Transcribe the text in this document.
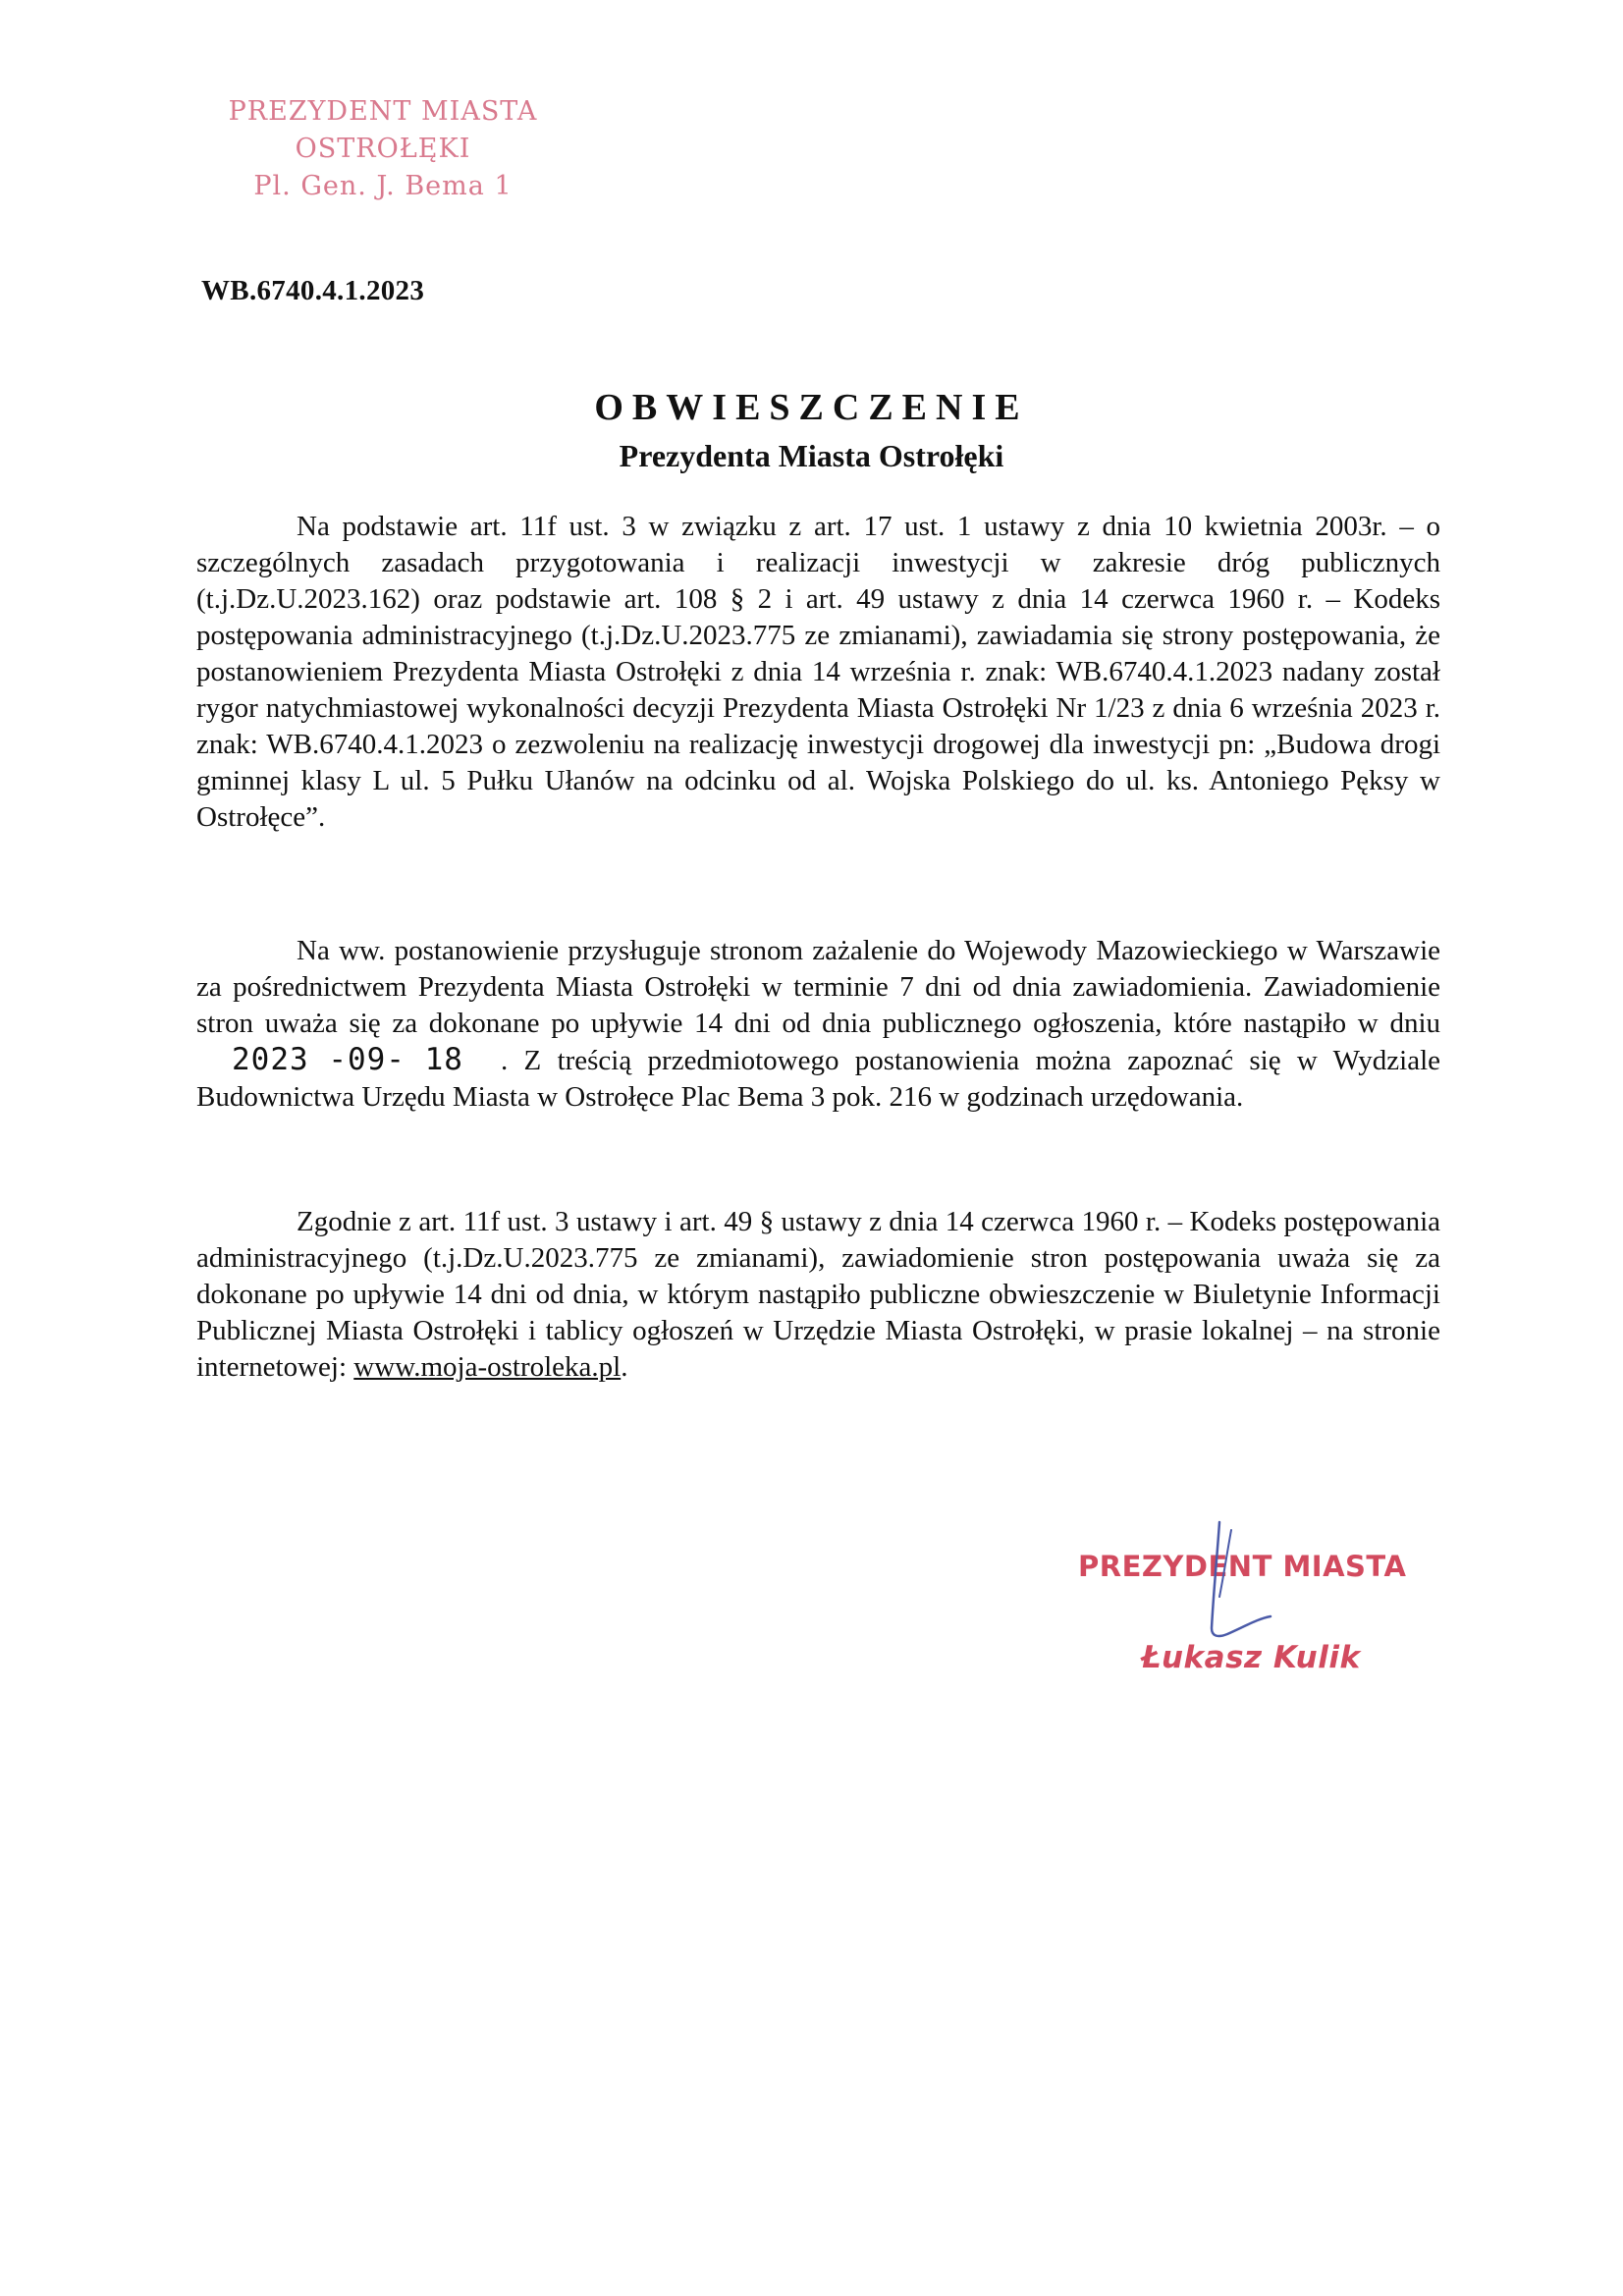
PREZYDENT MIASTA
OSTROŁĘKI
Pl. Gen. J. Bema 1
WB.6740.4.1.2023
OBWIESZCZENIE
Prezydenta Miasta Ostrołęki

Na podstawie art. 11f ust. 3 w związku z art. 17 ust. 1 ustawy z dnia 10 kwietnia 2003r. – o szczególnych zasadach przygotowania i realizacji inwestycji w zakresie dróg publicznych (t.j.Dz.U.2023.162) oraz podstawie art. 108 § 2 i art. 49 ustawy z dnia 14 czerwca 1960 r. – Kodeks postępowania administracyjnego (t.j.Dz.U.2023.775 ze zmianami), zawiadamia się strony postępowania, że postanowieniem Prezydenta Miasta Ostrołęki z dnia 14 września r. znak: WB.6740.4.1.2023 nadany został rygor natychmiastowej wykonalności decyzji Prezydenta Miasta Ostrołęki Nr 1/23 z dnia 6 września 2023 r. znak: WB.6740.4.1.2023 o zezwoleniu na realizację inwestycji drogowej dla inwestycji pn: „Budowa drogi gminnej klasy L ul. 5 Pułku Ułanów na odcinku od al. Wojska Polskiego do ul. ks. Antoniego Pęksy w Ostrołęce”.

Na ww. postanowienie przysługuje stronom zażalenie do Wojewody Mazowieckiego w Warszawie za pośrednictwem Prezydenta Miasta Ostrołęki w terminie 7 dni od dnia zawiadomienia. Zawiadomienie stron uważa się za dokonane po upływie 14 dni od dnia publicznego ogłoszenia, które nastąpiło w dniu 2023 -09- 18 . Z treścią przedmiotowego postanowienia można zapoznać się w Wydziale Budownictwa Urzędu Miasta w Ostrołęce Plac Bema 3 pok. 216 w godzinach urzędowania.

Zgodnie z art. 11f ust. 3 ustawy i art. 49 § ustawy z dnia 14 czerwca 1960 r. – Kodeks postępowania administracyjnego (t.j.Dz.U.2023.775 ze zmianami), zawiadomienie stron postępowania uważa się za dokonane po upływie 14 dni od dnia, w którym nastąpiło publiczne obwieszczenie w Biuletynie Informacji Publicznej Miasta Ostrołęki i tablicy ogłoszeń w Urzędzie Miasta Ostrołęki, w prasie lokalnej – na stronie internetowej: www.moja-ostroleka.pl.

PREZYDENT MIASTA
Łukasz Kulik
